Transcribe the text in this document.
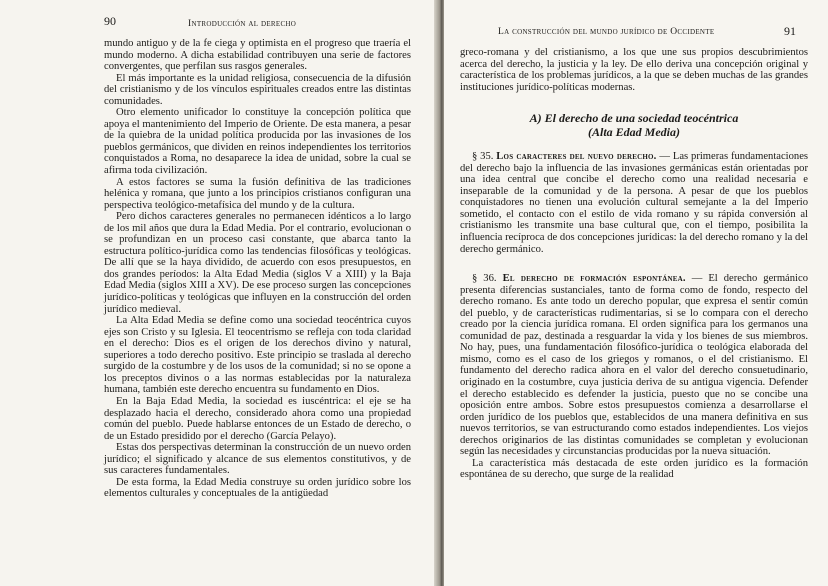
90	Introducción al derecho

mundo antiguo y de la fe ciega y optimista en el progreso que traería el mundo moderno. A dicha estabilidad contribuyen una serie de factores convergentes, que perfilan sus rasgos generales.

El más importante es la unidad religiosa, consecuencia de la difusión del cristianismo y de los vínculos espirituales creados entre las distintas comunidades.

Otro elemento unificador lo constituye la concepción política que apoya el mantenimiento del Imperio de Oriente. De esta manera, a pesar de la quiebra de la unidad política producida por las invasiones de los pueblos germánicos, que dividen en reinos independientes los territorios conquistados a Roma, no desaparece la idea de unidad, sobre la cual se afirma toda civilización.

A estos factores se suma la fusión definitiva de las tradiciones helénica y romana, que junto a los principios cristianos configuran una perspectiva teológico-metafísica del mundo y de la cultura.

Pero dichos caracteres generales no permanecen idénticos a lo largo de los mil años que dura la Edad Media. Por el contrario, evolucionan o se profundizan en un proceso casi constante, que abarca tanto la estructura político-jurídica como las tendencias filosóficas y teológicas. De allí que se la haya dividido, de acuerdo con esos presupuestos, en dos grandes períodos: la Alta Edad Media (siglos V a XIII) y la Baja Edad Media (siglos XIII a XV). De ese proceso surgen las concepciones jurídico-políticas y teológicas que influyen en la construcción del orden jurídico medieval.

La Alta Edad Media se define como una sociedad teocéntrica cuyos ejes son Cristo y su Iglesia. El teocentrismo se refleja con toda claridad en el derecho: Dios es el origen de los derechos divino y natural, superiores a todo derecho positivo. Este principio se traslada al derecho surgido de la costumbre y de los usos de la comunidad; si no se opone a los preceptos divinos o a las normas establecidas por la naturaleza humana, también este derecho encuentra su fundamento en Dios.

En la Baja Edad Media, la sociedad es iuscéntrica: el eje se ha desplazado hacia el derecho, considerado ahora como una propiedad común del pueblo. Puede hablarse entonces de un Estado de derecho, o de un Estado presidido por el derecho (García Pelayo).

Estas dos perspectivas determinan la construcción de un nuevo orden jurídico; el significado y alcance de sus elementos constitutivos, y de sus caracteres fundamentales.

De esta forma, la Edad Media construye su orden jurídico sobre los elementos culturales y conceptuales de la antigüedad

La construcción del mundo jurídico de Occidente	91

greco-romana y del cristianismo, a los que une sus propios descubrimientos acerca del derecho, la justicia y la ley. De ello deriva una concepción original y característica de los problemas jurídicos, a la que se deben muchas de las grandes instituciones jurídico-políticas modernas.

A) El derecho de una sociedad teocéntrica
(Alta Edad Media)

§ 35. Los caracteres del nuevo derecho. — Las primeras fundamentaciones del derecho bajo la influencia de las invasiones germánicas están orientadas por una idea central que concibe el derecho como una realidad necesaria e inseparable de la comunidad y de la persona. A pesar de que los pueblos conquistadores no tienen una evolución cultural semejante a la del Imperio sometido, el contacto con el estilo de vida romano y su rápida conversión al cristianismo les transmite una base cultural que, con el tiempo, posibilita la influencia recíproca de dos concepciones jurídicas: la del derecho romano y la del derecho germánico.

§ 36. El derecho de formación espontánea. — El derecho germánico presenta diferencias sustanciales, tanto de forma como de fondo, respecto del derecho romano. Es ante todo un derecho popular, que expresa el sentir común del pueblo, y de características rudimentarias, si se lo compara con el derecho creado por la ciencia jurídica romana. El orden significa para los germanos una comunidad de paz, destinada a resguardar la vida y los bienes de sus miembros. No hay, pues, una fundamentación filosófico-jurídica o teológica elaborada del mismo, como es el caso de los griegos y romanos, o el del cristianismo. El fundamento del derecho radica ahora en el valor del derecho consuetudinario, originado en la costumbre, cuya justicia deriva de su antigua vigencia. Defender el derecho establecido es defender la justicia, puesto que no se concibe una oposición entre ambos. Sobre estos presupuestos comienza a desarrollarse el orden jurídico de los pueblos que, establecidos de una manera definitiva en sus nuevos territorios, se van estructurando como estados independientes. Los viejos derechos originarios de las distintas comunidades se completan y evolucionan según las necesidades y circunstancias producidas por la nueva situación.

La característica más destacada de este orden jurídico es la formación espontánea de su derecho, que surge de la realidad
